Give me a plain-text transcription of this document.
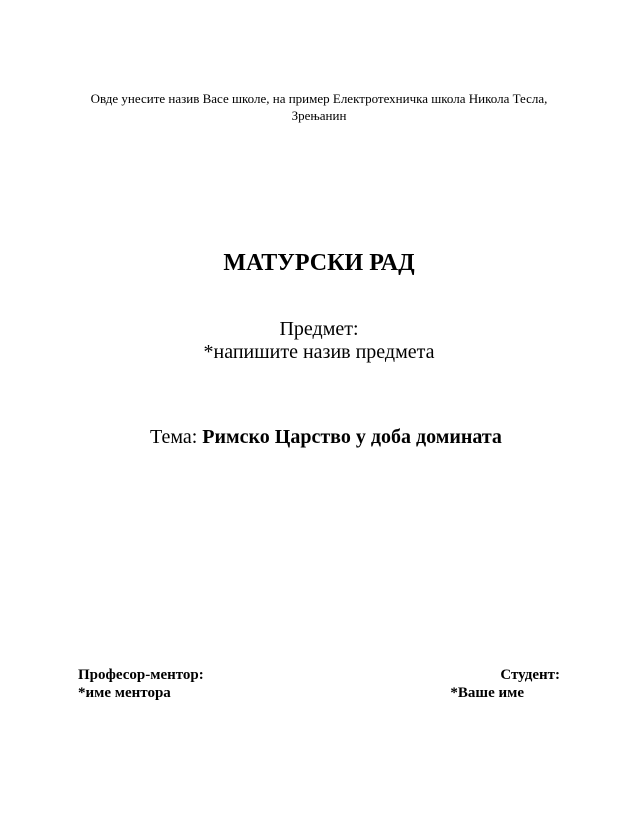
Овде унесите назив Васе школе, на пример Електротехничка школа Никола Тесла,
Зрењанин
МАТУРСКИ РАД
Предмет:
*напишите назив предмета
Тема: Римско Царство у доба домината
Професор-ментор:
*име ментора
Студент:
*Ваше име
